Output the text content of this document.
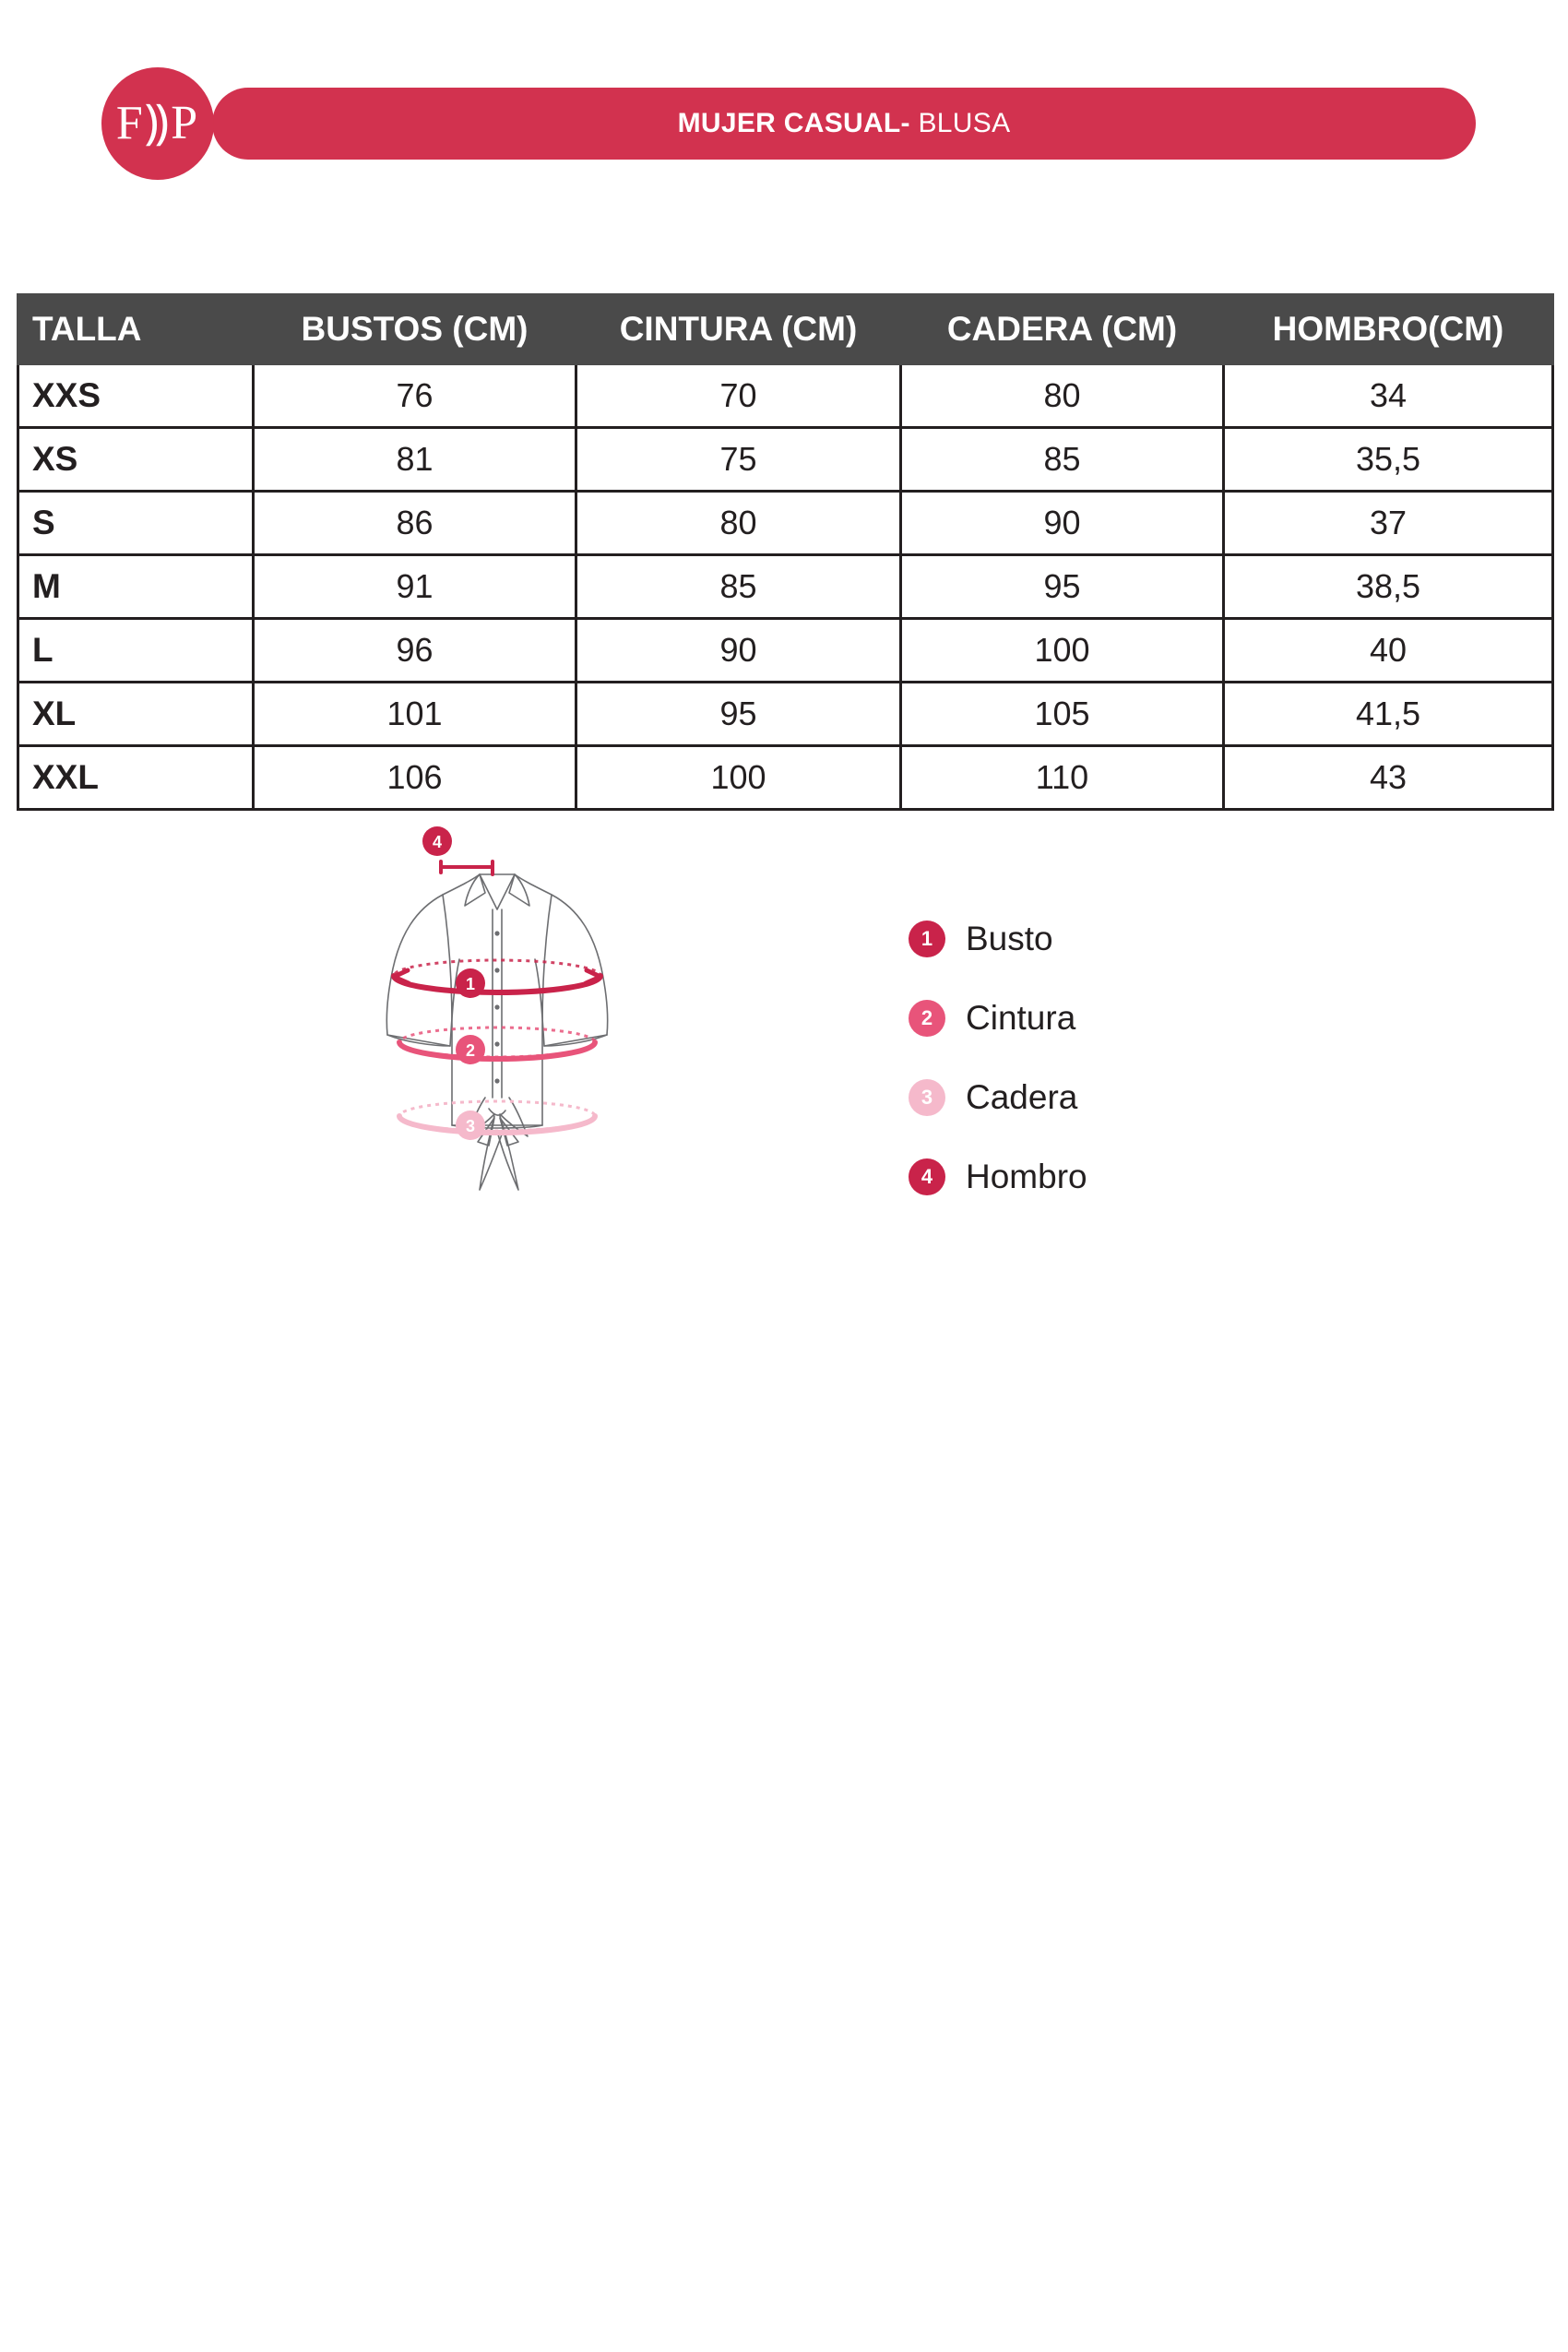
MUJER CASUAL- BLUSA
F⸩P
TALLA	BUSTOS (CM)	CINTURA (CM)	CADERA (CM)	HOMBRO(CM)
XXS	76	70	80	34
XS	81	75	85	35,5
S	86	80	90	37
M	91	85	95	38,5
L	96	90	100	40
XL	101	95	105	41,5
XXL	106	100	110	43
1
2
3
4
1 Busto
2 Cintura
3 Cadera
4 Hombro
